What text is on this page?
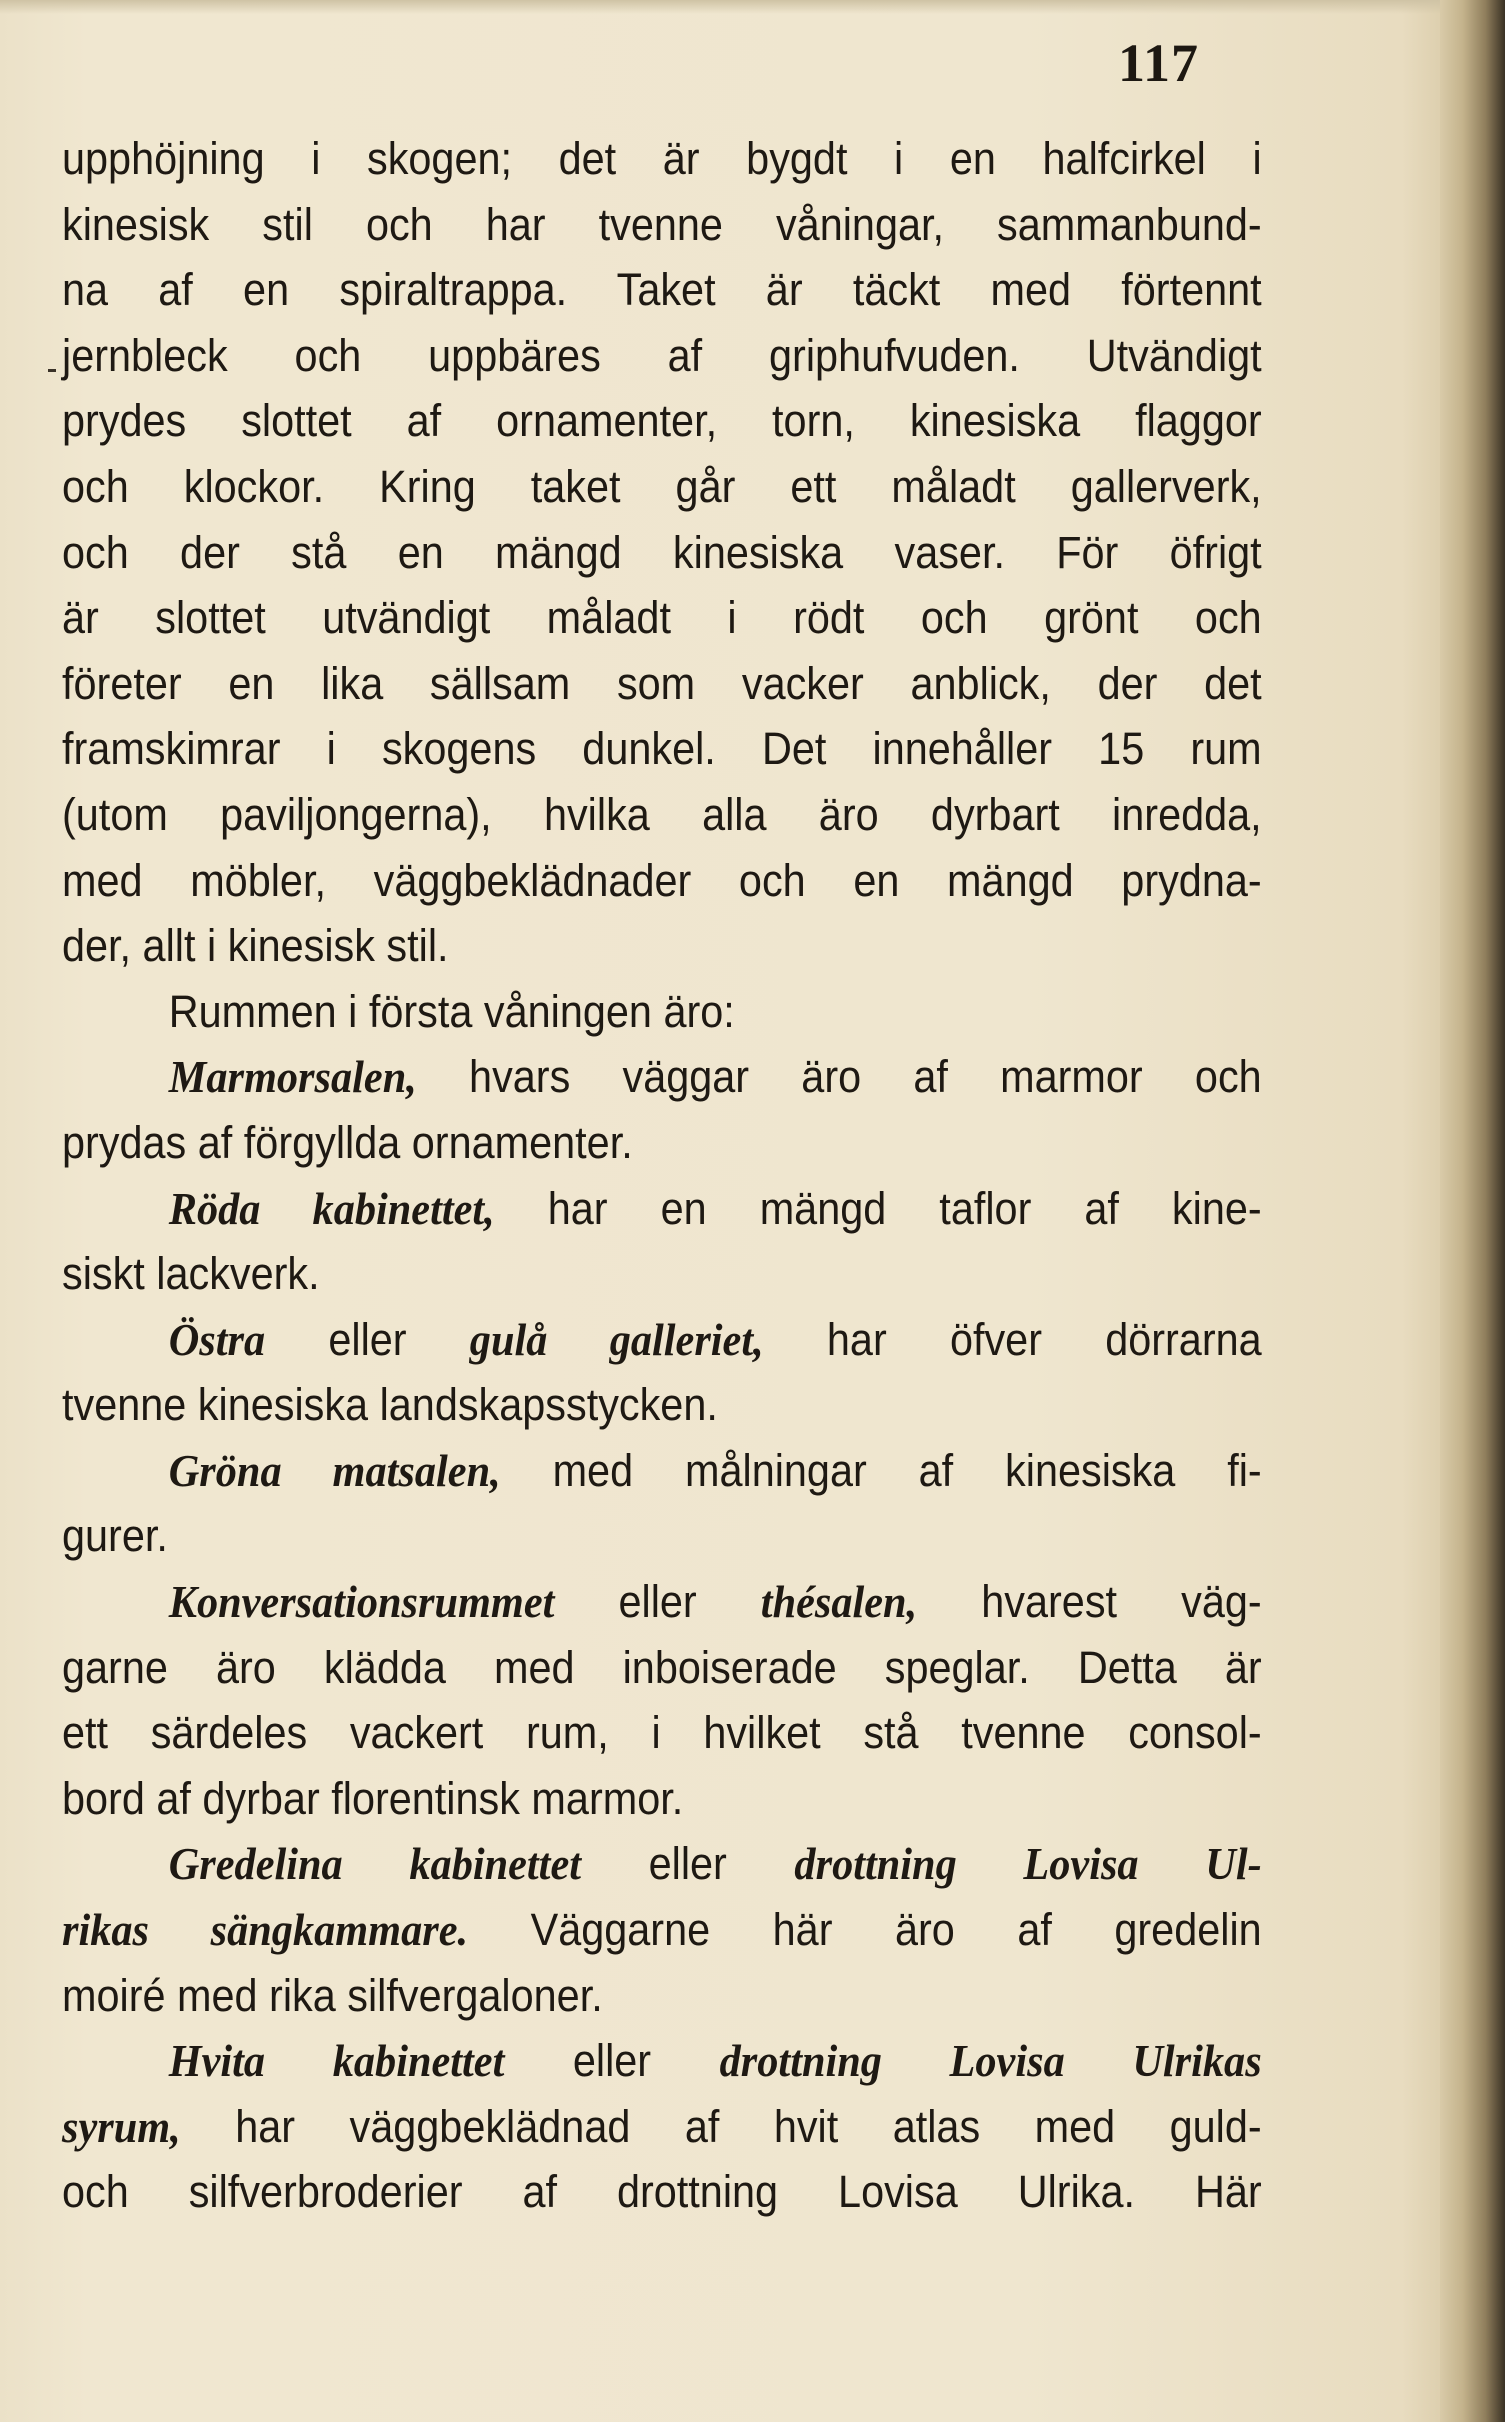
117
upphöjning i skogen; det är bygdt i en halfcirkel i
kinesisk stil och har tvenne våningar, sammanbund-
na af en spiraltrappa. Taket är täckt med förtennt
jernbleck och uppbäres af griphufvuden. Utvändigt
prydes slottet af ornamenter, torn, kinesiska flaggor
och klockor. Kring taket går ett måladt gallerverk,
och der stå en mängd kinesiska vaser. För öfrigt
är slottet utvändigt måladt i rödt och grönt och
företer en lika sällsam som vacker anblick, der det
framskimrar i skogens dunkel. Det innehåller 15 rum
(utom paviljongerna), hvilka alla äro dyrbart inredda,
med möbler, väggbeklädnader och en mängd prydna-
der, allt i kinesisk stil.
Rummen i första våningen äro:
Marmorsalen, hvars väggar äro af marmor och
prydas af förgyllda ornamenter.
Röda kabinettet, har en mängd taflor af kine-
siskt lackverk.
Östra eller gulå galleriet, har öfver dörrarna
tvenne kinesiska landskapsstycken.
Gröna matsalen, med målningar af kinesiska fi-
gurer.
Konversationsrummet eller thésalen, hvarest väg-
garne äro klädda med inboiserade speglar. Detta är
ett särdeles vackert rum, i hvilket stå tvenne consol-
bord af dyrbar florentinsk marmor.
Gredelina kabinettet eller drottning Lovisa Ul-
rikas sängkammare. Väggarne här äro af gredelin
moiré med rika silfvergaloner.
Hvita kabinettet eller drottning Lovisa Ulrikas
syrum, har väggbeklädnad af hvit atlas med guld-
och silfverbroderier af drottning Lovisa Ulrika. Här
